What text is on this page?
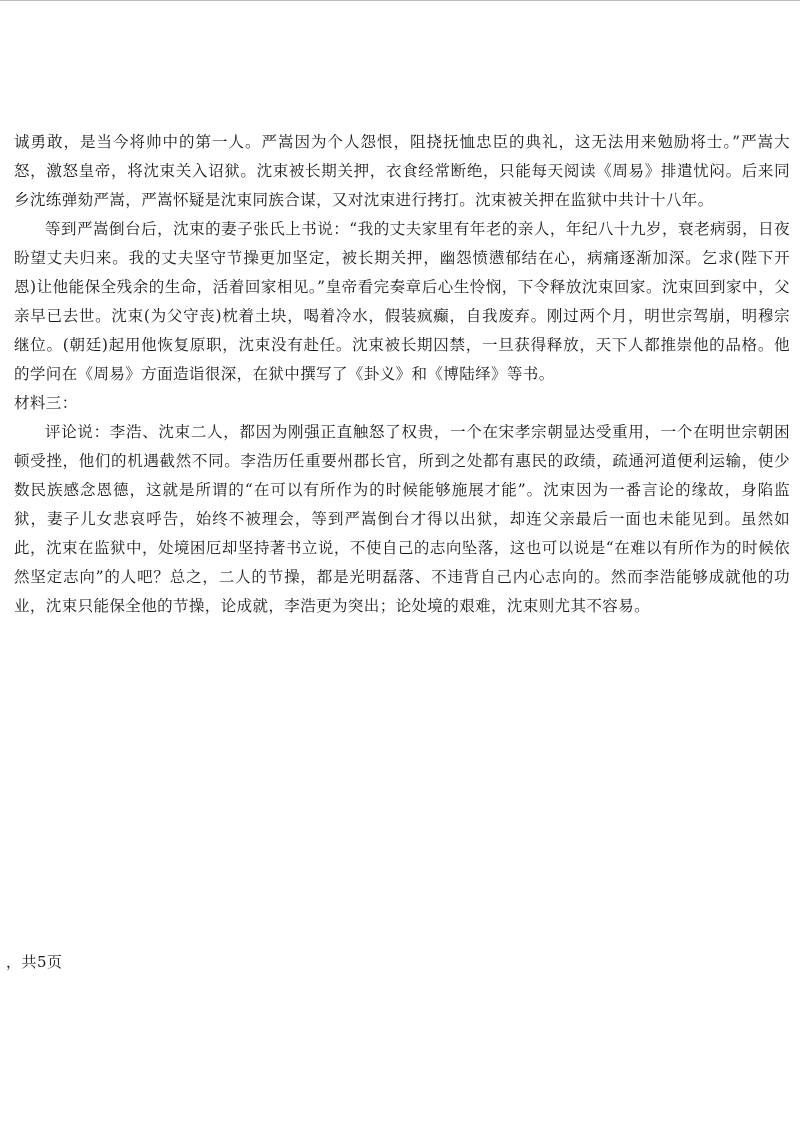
诚勇敢，是当今将帅中的第一人。严嵩因为个人怨恨，阻挠抚恤忠臣的典礼，这无法用来勉励将士。”严嵩大怒，激怒皇帝，将沈束关入诏狱。沈束被长期关押，衣食经常断绝，只能每天阅读《周易》排遣忧闷。后来同乡沈练弹劾严嵩，严嵩怀疑是沈束同族合谋，又对沈束进行拷打。沈束被关押在监狱中共计十八年。

等到严嵩倒台后，沈束的妻子张氏上书说：“我的丈夫家里有年老的亲人，年纪八十九岁，衰老病弱，日夜盼望丈夫归来。我的丈夫坚守节操更加坚定，被长期关押，幽怨愤懑郁结在心，病痛逐渐加深。乞求(陛下开恩)让他能保全残余的生命，活着回家相见。”皇帝看完奏章后心生怜悯，下令释放沈束回家。沈束回到家中，父亲早已去世。沈束(为父守丧)枕着土块，喝着冷水，假装疯癫，自我废弃。刚过两个月，明世宗驾崩，明穆宗继位。(朝廷)起用他恢复原职，沈束没有赴任。沈束被长期囚禁，一旦获得释放，天下人都推崇他的品格。他的学问在《周易》方面造诣很深，在狱中撰写了《卦义》和《博陆绎》等书。

材料三：

评论说：李浩、沈束二人，都因为刚强正直触怒了权贵，一个在宋孝宗朝显达受重用，一个在明世宗朝困顿受挫，他们的机遇截然不同。李浩历任重要州郡长官，所到之处都有惠民的政绩，疏通河道便利运输，使少数民族感念恩德，这就是所谓的“在可以有所作为的时候能够施展才能”。沈束因为一番言论的缘故，身陷监狱，妻子儿女悲哀呼告，始终不被理会，等到严嵩倒台才得以出狱，却连父亲最后一面也未能见到。虽然如此，沈束在监狱中，处境困厄却坚持著书立说，不使自己的志向坠落，这也可以说是“在难以有所作为的时候依然坚定志向”的人吧？总之，二人的节操，都是光明磊落、不违背自己内心志向的。然而李浩能够成就他的功业，沈束只能保全他的节操，论成就，李浩更为突出；论处境的艰难，沈束则尤其不容易。

，共5页
